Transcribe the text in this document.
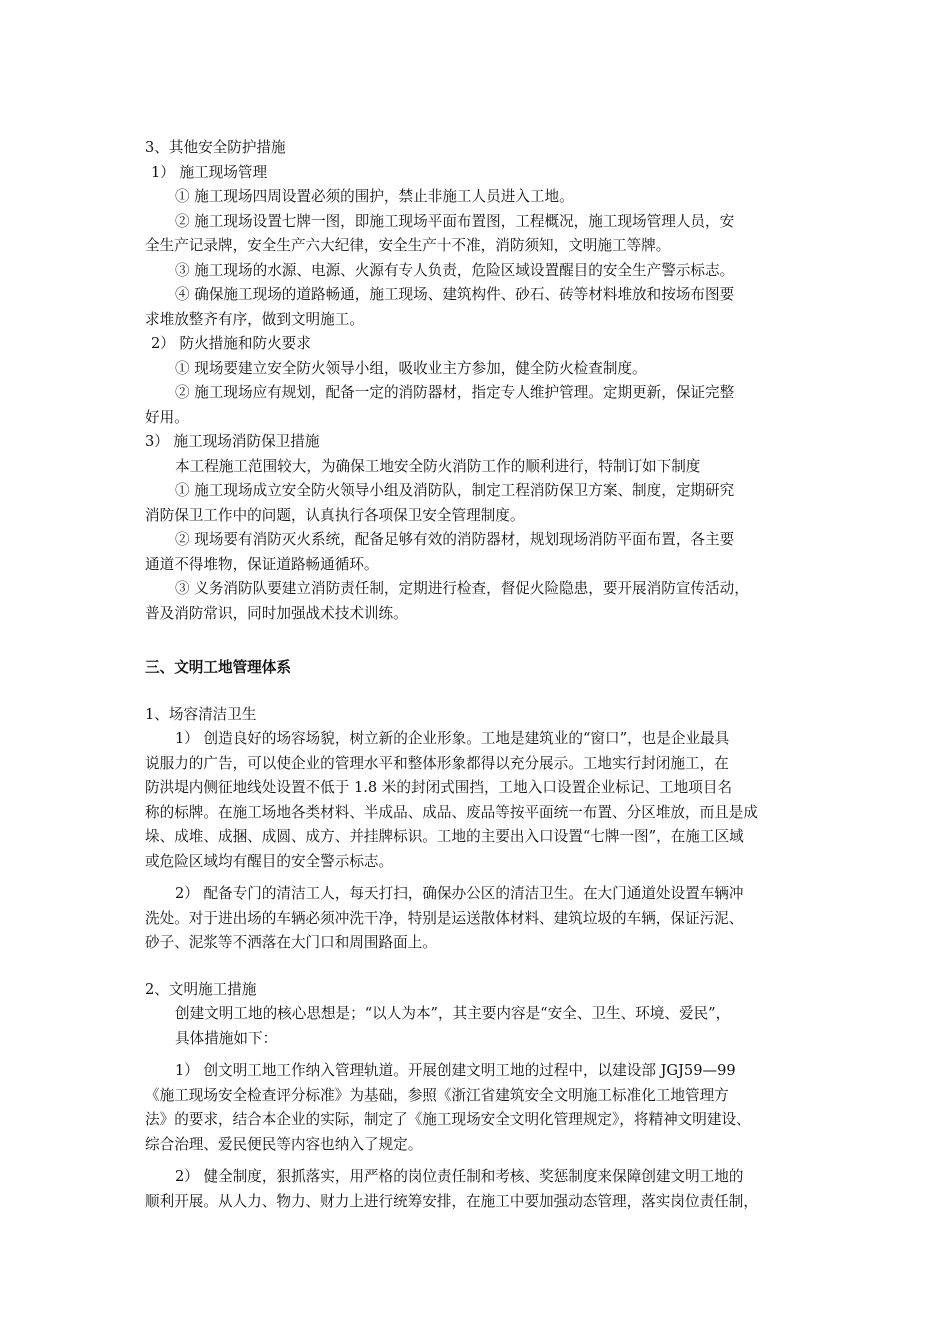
3、其他安全防护措施
1） 施工现场管理
① 施工现场四周设置必须的围护，禁止非施工人员进入工地。
② 施工现场设置七牌一图，即施工现场平面布置图，工程概况，施工现场管理人员，安
全生产记录牌，安全生产六大纪律，安全生产十不准，消防须知，文明施工等牌。
③ 施工现场的水源、电源、火源有专人负责，危险区域设置醒目的安全生产警示标志。
④ 确保施工现场的道路畅通，施工现场、建筑构件、砂石、砖等材料堆放和按场布图要
求堆放整齐有序，做到文明施工。
2） 防火措施和防火要求
① 现场要建立安全防火领导小组，吸收业主方参加，健全防火检查制度。
② 施工现场应有规划，配备一定的消防器材，指定专人维护管理。定期更新，保证完整
好用。
3） 施工现场消防保卫措施
本工程施工范围较大，为确保工地安全防火消防工作的顺利进行，特制订如下制度
① 施工现场成立安全防火领导小组及消防队，制定工程消防保卫方案、制度，定期研究
消防保卫工作中的问题，认真执行各项保卫安全管理制度。
② 现场要有消防灭火系统，配备足够有效的消防器材，规划现场消防平面布置，各主要
通道不得堆物，保证道路畅通循环。
③ 义务消防队要建立消防责任制，定期进行检查，督促火险隐患，要开展消防宣传活动，
普及消防常识，同时加强战术技术训练。
三、文明工地管理体系
1、场容清洁卫生
1） 创造良好的场容场貌，树立新的企业形象。工地是建筑业的“窗口”，也是企业最具
说服力的广告，可以使企业的管理水平和整体形象都得以充分展示。工地实行封闭施工，在
防洪堤内侧征地线处设置不低于 1.8 米的封闭式围挡，工地入口设置企业标记、工地项目名
称的标牌。在施工场地各类材料、半成品、成品、废品等按平面统一布置、分区堆放，而且是成
垛、成堆、成捆、成圆、成方、并挂牌标识。工地的主要出入口设置“七牌一图”，在施工区域
或危险区域均有醒目的安全警示标志。
2） 配备专门的清洁工人，每天打扫，确保办公区的清洁卫生。在大门通道处设置车辆冲
洗处。对于进出场的车辆必须冲洗干净，特别是运送散体材料、建筑垃圾的车辆，保证污泥、
砂子、泥浆等不洒落在大门口和周围路面上。
2、文明施工措施
创建文明工地的核心思想是；“以人为本”，其主要内容是“安全、卫生、环境、爱民”，
具体措施如下：
1） 创文明工地工作纳入管理轨道。开展创建文明工地的过程中，以建设部 JGJ59—99
《施工现场安全检查评分标准》为基础，参照《浙江省建筑安全文明施工标准化工地管理方
法》的要求，结合本企业的实际，制定了《施工现场安全文明化管理规定》，将精神文明建设、
综合治理、爱民便民等内容也纳入了规定。
2） 健全制度，狠抓落实，用严格的岗位责任制和考核、奖惩制度来保障创建文明工地的
顺利开展。从人力、物力、财力上进行统筹安排，在施工中要加强动态管理，落实岗位责任制，
